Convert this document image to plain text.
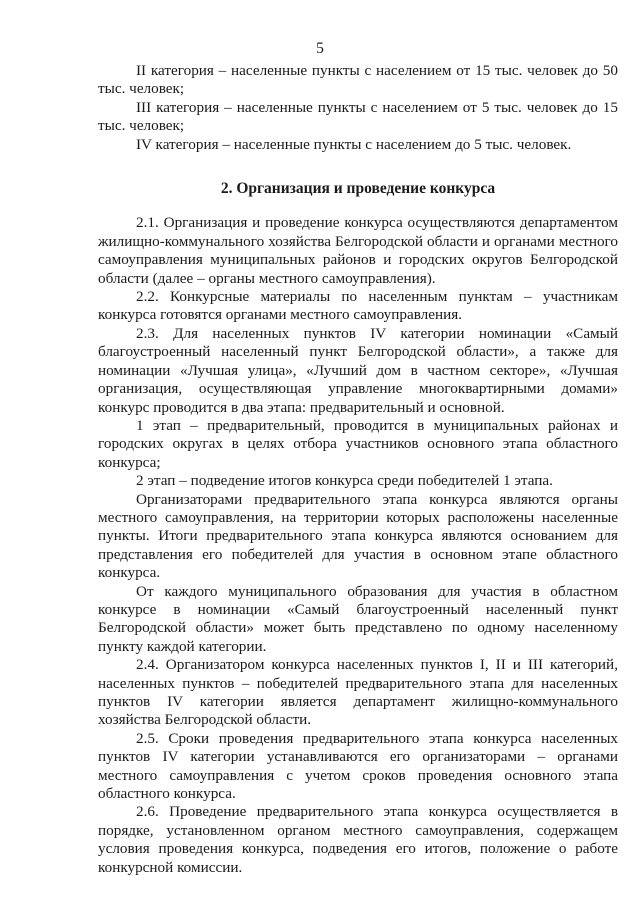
5

II категория – населенные пункты с населением от 15 тыс. человек до 50 тыс. человек;

III категория – населенные пункты с населением от 5 тыс. человек до 15 тыс. человек;

IV категория – населенные пункты с населением до 5 тыс. человек.

2. Организация и проведение конкурса

2.1. Организация и проведение конкурса осуществляются департаментом жилищно-коммунального хозяйства Белгородской области и органами местного самоуправления муниципальных районов и городских округов Белгородской области (далее – органы местного самоуправления).

2.2. Конкурсные материалы по населенным пунктам – участникам конкурса готовятся органами местного самоуправления.

2.3. Для населенных пунктов IV категории номинации «Самый благоустроенный населенный пункт Белгородской области», а также для номинации «Лучшая улица», «Лучший дом в частном секторе», «Лучшая организация, осуществляющая управление многоквартирными домами» конкурс проводится в два этапа: предварительный и основной.

1 этап – предварительный, проводится в муниципальных районах и городских округах в целях отбора участников основного этапа областного конкурса;

2 этап – подведение итогов конкурса среди победителей 1 этапа.

Организаторами предварительного этапа конкурса являются органы местного самоуправления, на территории которых расположены населенные пункты. Итоги предварительного этапа конкурса являются основанием для представления его победителей для участия в основном этапе областного конкурса.

От каждого муниципального образования для участия в областном конкурсе в номинации «Самый благоустроенный населенный пункт Белгородской области» может быть представлено по одному населенному пункту каждой категории.

2.4. Организатором конкурса населенных пунктов I, II и III категорий, населенных пунктов – победителей предварительного этапа для населенных пунктов IV категории является департамент жилищно-коммунального хозяйства Белгородской области.

2.5. Сроки проведения предварительного этапа конкурса населенных пунктов IV категории устанавливаются его организаторами – органами местного самоуправления с учетом сроков проведения основного этапа областного конкурса.

2.6. Проведение предварительного этапа конкурса осуществляется в порядке, установленном органом местного самоуправления, содержащем условия проведения конкурса, подведения его итогов, положение о работе конкурсной комиссии.
